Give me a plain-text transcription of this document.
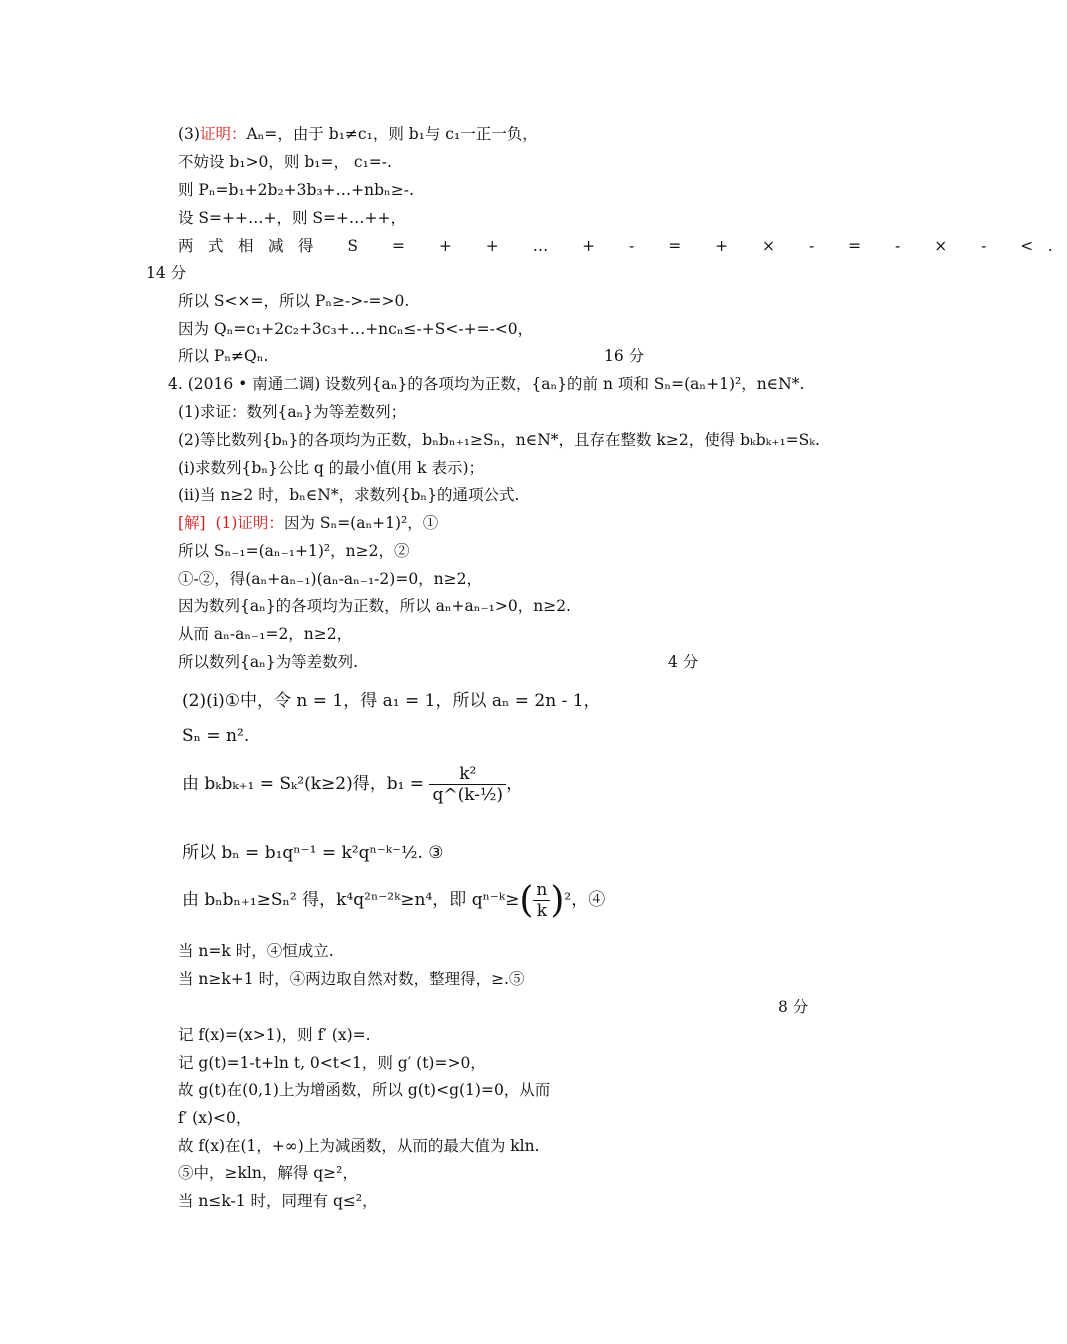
(3)证明：Aₙ=，由于 b₁≠c₁，则 b₁与 c₁一正一负，
不妨设 b₁>0，则 b₁=， c₁=-.
则 Pₙ=b₁+2b₂+3b₃+…+nbₙ≥-.
设 S=++…+，则 S=+…++，
两式相减得 S = + + … + - = + × - = - × - <.
14 分
所以 S<×=，所以 Pₙ≥->-=>0.
因为 Qₙ=c₁+2c₂+3c₃+…+ncₙ≤-+S<-+=-<0，
所以 Pₙ≠Qₙ.	16 分
4. (2016 • 南通二调) 设数列{aₙ}的各项均为正数，{aₙ}的前 n 项和 Sₙ=(aₙ+1)²，n∈N*.
(1)求证：数列{aₙ}为等差数列；
(2)等比数列{bₙ}的各项均为正数，bₙbₙ₊₁≥Sₙ，n∈N*，且存在整数 k≥2，使得 bₖbₖ₊₁=Sₖ.
(ⅰ)求数列{bₙ}公比 q 的最小值(用 k 表示)；
(ⅱ)当 n≥2 时，bₙ∈N*，求数列{bₙ}的通项公式.
[解] (1)证明：因为 Sₙ=(aₙ+1)²，①
所以 Sₙ₋₁=(aₙ₋₁+1)²，n≥2，②
①-②，得(aₙ+aₙ₋₁)(aₙ-aₙ₋₁-2)=0，n≥2，
因为数列{aₙ}的各项均为正数，所以 aₙ+aₙ₋₁>0，n≥2.
从而 aₙ-aₙ₋₁=2，n≥2，
所以数列{aₙ}为等差数列.	4 分
(2)(ⅰ)①中，令 n = 1，得 a₁ = 1，所以 aₙ = 2n - 1，
Sₙ = n².
由 bₖbₖ₊₁ = Sₖ²(k≥2)得，$b_1 = \frac{\text{k²}}{\text{q\textasciicircum{}(k-½)}}$ ，
所以 bₙ = b₁qⁿ⁻¹ = k²qⁿ⁻ᵏ⁻½. ③
由 bₙbₙ₊₁≥Sₙ² 得，k⁴q²ⁿ⁻²ᵏ≥n⁴，即 qⁿ⁻ᵏ≥( $\frac{n}{k} )^2$，④
当 n=k 时，④恒成立.
当 n≥k+1 时，④两边取自然对数，整理得，≥.⑤
8 分
记 f(x)=(x>1)，则 f′ (x)=.
记 g(t)=1-t+ln t, 0<t<1，则 g′ (t)=>0，
故 g(t)在(0,1)上为增函数，所以 g(t)<g(1)=0，从而
f′ (x)<0，
故 f(x)在(1，+∞)上为减函数，从而的最大值为 kln.
⑤中，≥kln，解得 q≥²，
当 n≤k-1 时，同理有 q≤²，
